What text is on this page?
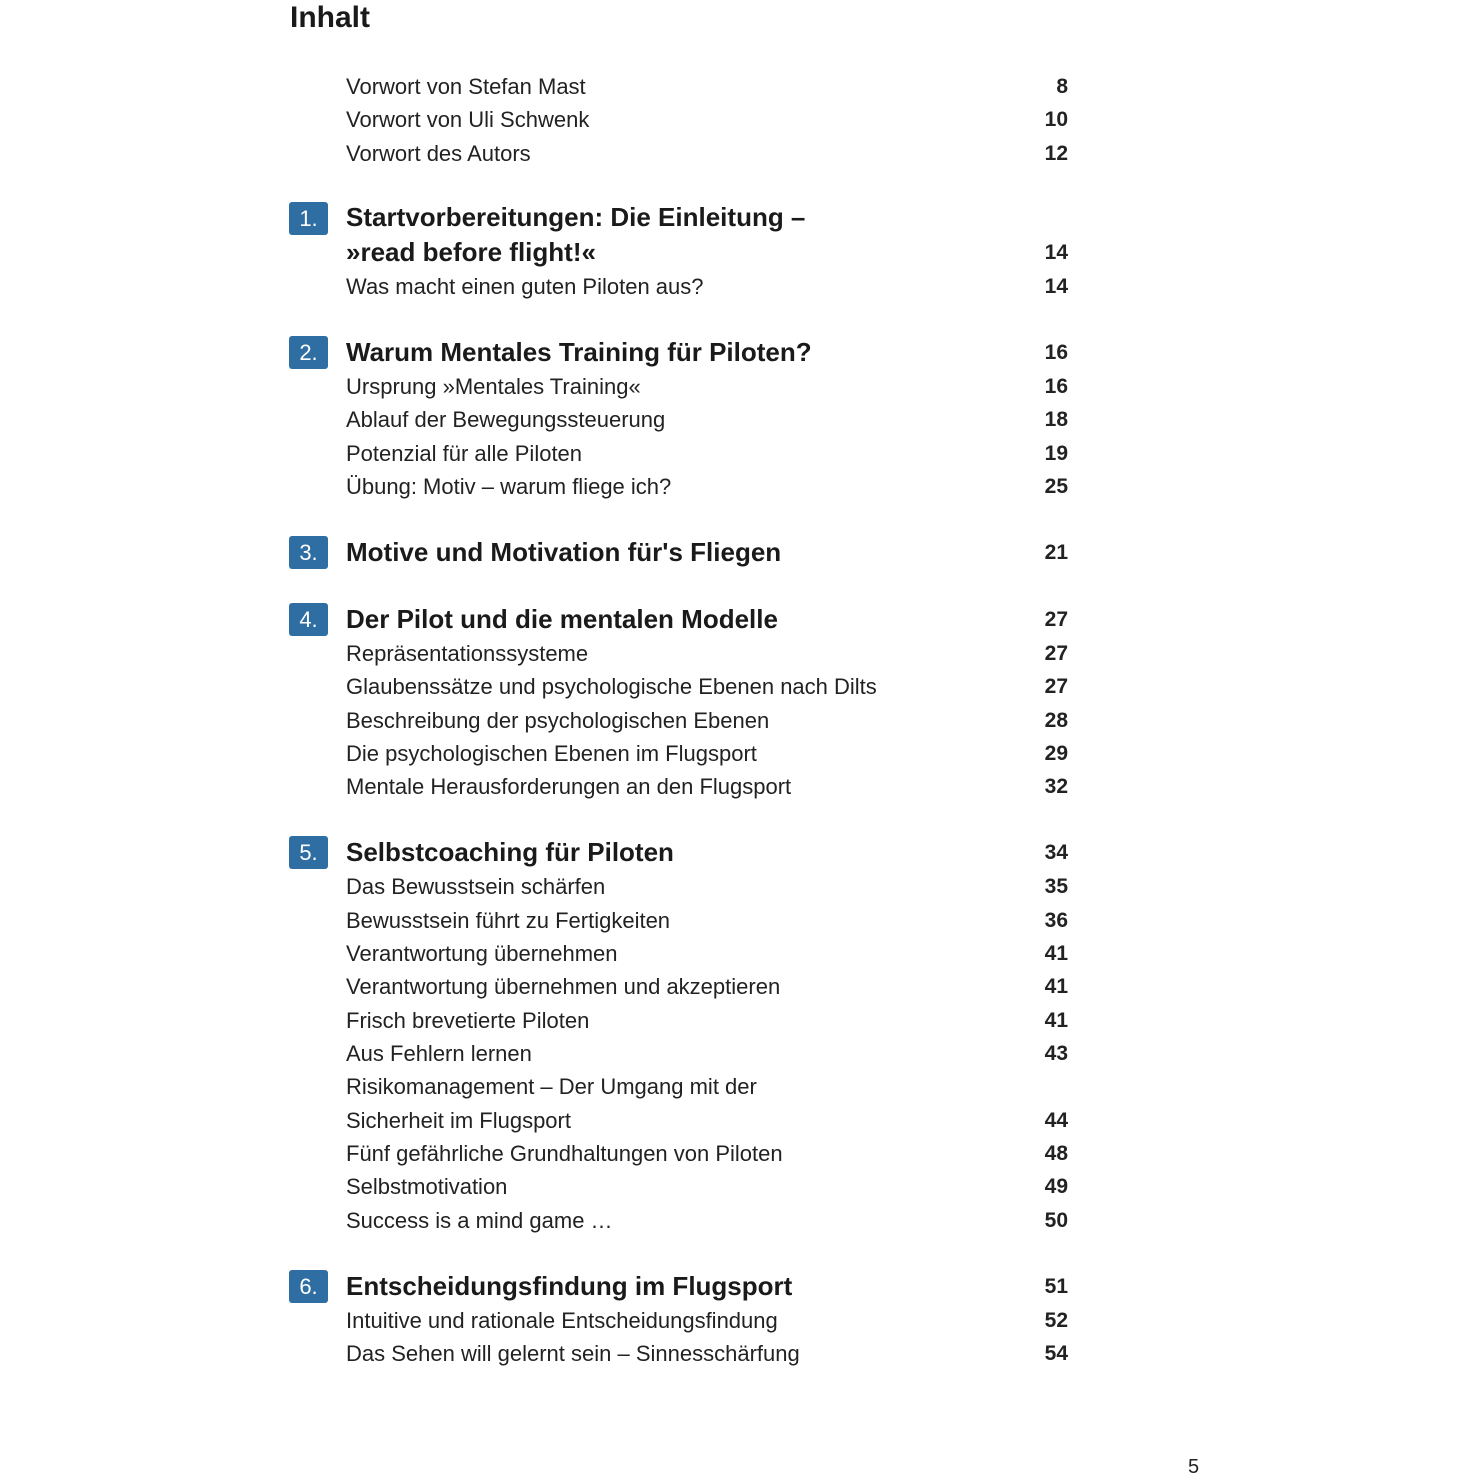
Inhalt
Vorwort von Stefan Mast	8
Vorwort von Uli Schwenk	10
Vorwort des Autors	12
1.	Startvorbereitungen: Die Einleitung –
»read before flight!«	14
Was macht einen guten Piloten aus?	14
2.	Warum Mentales Training für Piloten?	16
Ursprung »Mentales Training«	16
Ablauf der Bewegungssteuerung	18
Potenzial für alle Piloten	19
Übung: Motiv – warum fliege ich?	25
3.	Motive und Motivation für's Fliegen	21
4.	Der Pilot und die mentalen Modelle	27
Repräsentationssysteme	27
Glaubenssätze und psychologische Ebenen nach Dilts	27
Beschreibung der psychologischen Ebenen	28
Die psychologischen Ebenen im Flugsport	29
Mentale Herausforderungen an den Flugsport	32
5.	Selbstcoaching für Piloten	34
Das Bewusstsein schärfen	35
Bewusstsein führt zu Fertigkeiten	36
Verantwortung übernehmen	41
Verantwortung übernehmen und akzeptieren	41
Frisch brevetierte Piloten	41
Aus Fehlern lernen	43
Risikomanagement – Der Umgang mit der
Sicherheit im Flugsport	44
Fünf gefährliche Grundhaltungen von Piloten	48
Selbstmotivation	49
Success is a mind game …	50
6.	Entscheidungsfindung im Flugsport	51
Intuitive und rationale Entscheidungsfindung	52
Das Sehen will gelernt sein – Sinnesschärfung	54
5
